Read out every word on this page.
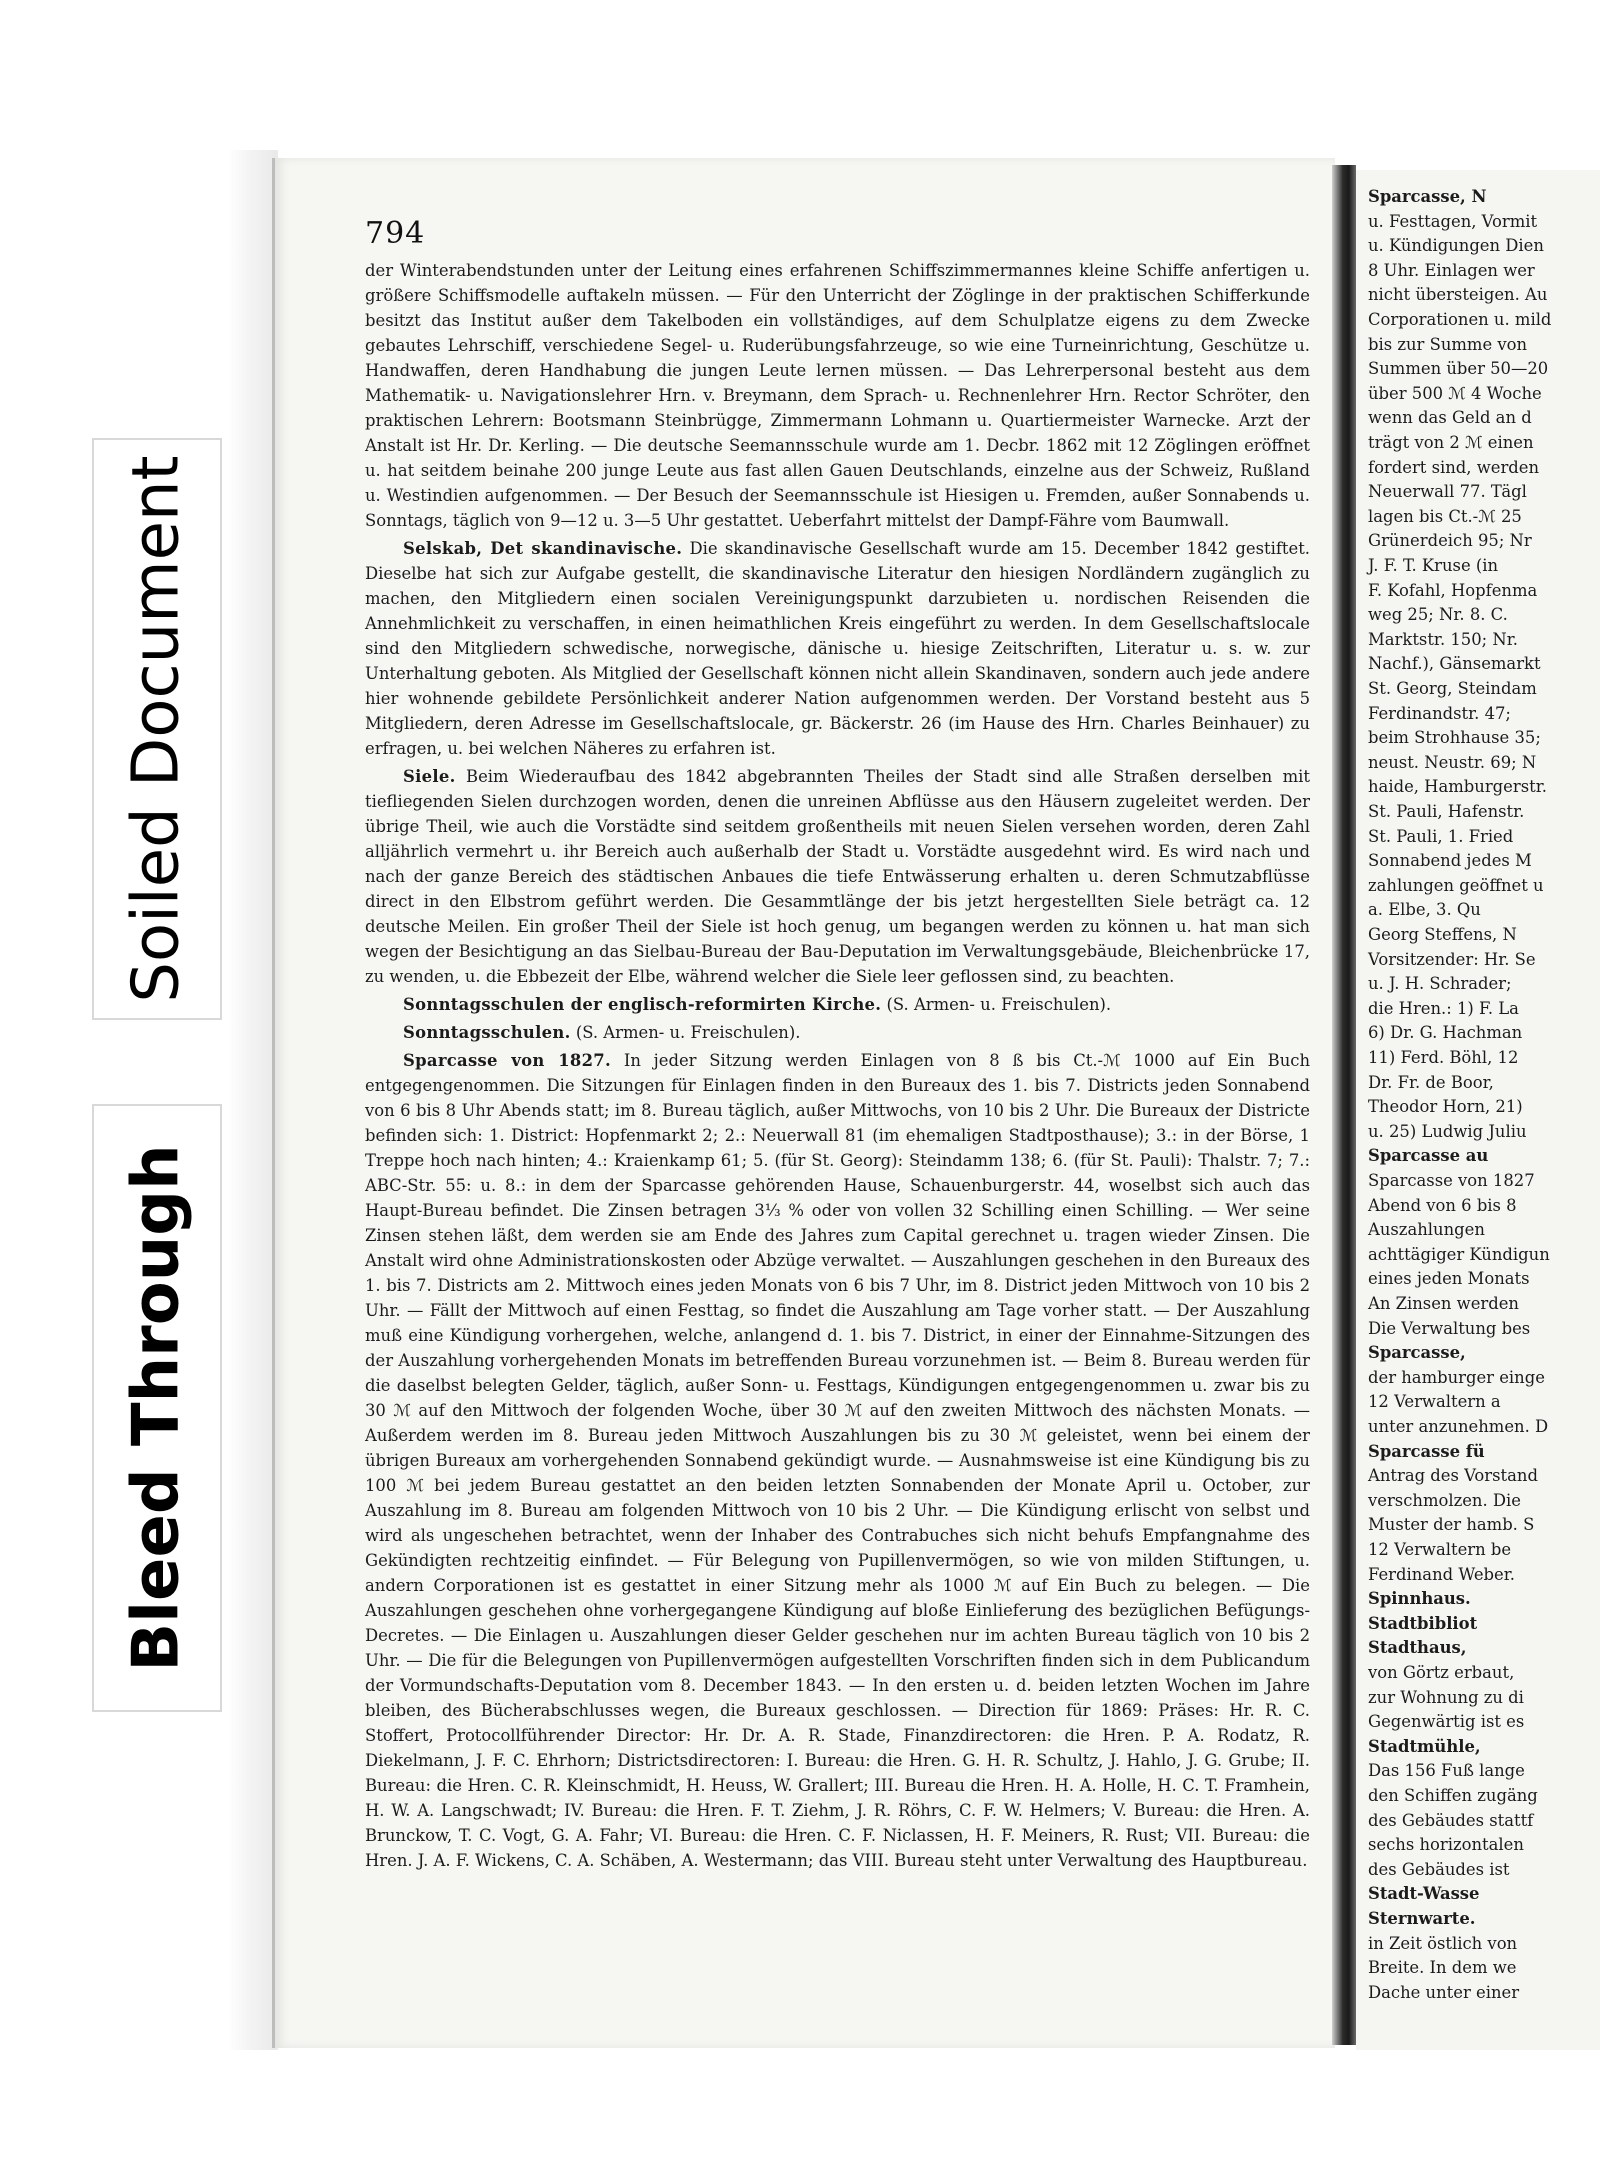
Soiled Document
Bleed Through
794

der Winterabendstunden unter der Leitung eines erfahrenen Schiffszimmermannes kleine Schiffe anfertigen u. größere Schiffsmodelle auftakeln müssen. — Für den Unterricht der Zöglinge in der praktischen Schifferkunde besitzt das Institut außer dem Takelboden ein vollständiges, auf dem Schulplatze eigens zu dem Zwecke gebautes Lehrschiff, verschiedene Segel- u. Ruderübungsfahrzeuge, so wie eine Turneinrichtung, Geschütze u. Handwaffen, deren Handhabung die jungen Leute lernen müssen. — Das Lehrerpersonal besteht aus dem Mathematik- u. Navigationslehrer Hrn. v. Breymann, dem Sprach- u. Rechnenlehrer Hrn. Rector Schröter, den praktischen Lehrern: Bootsmann Steinbrügge, Zimmermann Lohmann u. Quartiermeister Warnecke. Arzt der Anstalt ist Hr. Dr. Kerling. — Die deutsche Seemannsschule wurde am 1. Decbr. 1862 mit 12 Zöglingen eröffnet u. hat seitdem beinahe 200 junge Leute aus fast allen Gauen Deutschlands, einzelne aus der Schweiz, Rußland u. Westindien aufgenommen. — Der Besuch der Seemannsschule ist Hiesigen u. Fremden, außer Sonnabends u. Sonntags, täglich von 9—12 u. 3—5 Uhr gestattet. Ueberfahrt mittelst der Dampf-Fähre vom Baumwall.

Selskab, Det skandinavische. Die skandinavische Gesellschaft wurde am 15. December 1842 gestiftet. Dieselbe hat sich zur Aufgabe gestellt, die skandinavische Literatur den hiesigen Nordländern zugänglich zu machen, den Mitgliedern einen socialen Vereinigungspunkt darzubieten u. nordischen Reisenden die Annehmlichkeit zu verschaffen, in einen heimathlichen Kreis eingeführt zu werden. In dem Gesellschaftslocale sind den Mitgliedern schwedische, norwegische, dänische u. hiesige Zeitschriften, Literatur u. s. w. zur Unterhaltung geboten. Als Mitglied der Gesellschaft können nicht allein Skandinaven, sondern auch jede andere hier wohnende gebildete Persönlichkeit anderer Nation aufgenommen werden. Der Vorstand besteht aus 5 Mitgliedern, deren Adresse im Gesellschaftslocale, gr. Bäckerstr. 26 (im Hause des Hrn. Charles Beinhauer) zu erfragen, u. bei welchen Näheres zu erfahren ist.

Siele. Beim Wiederaufbau des 1842 abgebrannten Theiles der Stadt sind alle Straßen derselben mit tiefliegenden Sielen durchzogen worden, denen die unreinen Abflüsse aus den Häusern zugeleitet werden. Der übrige Theil, wie auch die Vorstädte sind seitdem großentheils mit neuen Sielen versehen worden, deren Zahl alljährlich vermehrt u. ihr Bereich auch außerhalb der Stadt u. Vorstädte ausgedehnt wird. Es wird nach und nach der ganze Bereich des städtischen Anbaues die tiefe Entwässerung erhalten u. deren Schmutzabflüsse direct in den Elbstrom geführt werden. Die Gesammtlänge der bis jetzt hergestellten Siele beträgt ca. 12 deutsche Meilen. Ein großer Theil der Siele ist hoch genug, um begangen werden zu können u. hat man sich wegen der Besichtigung an das Sielbau-Bureau der Bau-Deputation im Verwaltungsgebäude, Bleichenbrücke 17, zu wenden, u. die Ebbezeit der Elbe, während welcher die Siele leer geflossen sind, zu beachten.

Sonntagsschulen der englisch-reformirten Kirche. (S. Armen- u. Freischulen).

Sonntagsschulen. (S. Armen- u. Freischulen).

Sparcasse von 1827. In jeder Sitzung werden Einlagen von 8 ß bis Ct.-ℳ 1000 auf Ein Buch entgegengenommen. Die Sitzungen für Einlagen finden in den Bureaux des 1. bis 7. Districts jeden Sonnabend von 6 bis 8 Uhr Abends statt; im 8. Bureau täglich, außer Mittwochs, von 10 bis 2 Uhr. Die Bureaux der Districte befinden sich: 1. District: Hopfenmarkt 2; 2.: Neuerwall 81 (im ehemaligen Stadtposthause); 3.: in der Börse, 1 Treppe hoch nach hinten; 4.: Kraienkamp 61; 5. (für St. Georg): Steindamm 138; 6. (für St. Pauli): Thalstr. 7; 7.: ABC-Str. 55: u. 8.: in dem der Sparcasse gehörenden Hause, Schauenburgerstr. 44, woselbst sich auch das Haupt-Bureau befindet. Die Zinsen betragen 3⅓ % oder von vollen 32 Schilling einen Schilling. — Wer seine Zinsen stehen läßt, dem werden sie am Ende des Jahres zum Capital gerechnet u. tragen wieder Zinsen. Die Anstalt wird ohne Administrationskosten oder Abzüge verwaltet. — Auszahlungen geschehen in den Bureaux des 1. bis 7. Districts am 2. Mittwoch eines jeden Monats von 6 bis 7 Uhr, im 8. District jeden Mittwoch von 10 bis 2 Uhr. — Fällt der Mittwoch auf einen Festtag, so findet die Auszahlung am Tage vorher statt. — Der Auszahlung muß eine Kündigung vorhergehen, welche, anlangend d. 1. bis 7. District, in einer der Einnahme-Sitzungen des der Auszahlung vorhergehenden Monats im betreffenden Bureau vorzunehmen ist. — Beim 8. Bureau werden für die daselbst belegten Gelder, täglich, außer Sonn- u. Festtags, Kündigungen entgegengenommen u. zwar bis zu 30 ℳ auf den Mittwoch der folgenden Woche, über 30 ℳ auf den zweiten Mittwoch des nächsten Monats. — Außerdem werden im 8. Bureau jeden Mittwoch Auszahlungen bis zu 30 ℳ geleistet, wenn bei einem der übrigen Bureaux am vorhergehenden Sonnabend gekündigt wurde. — Ausnahmsweise ist eine Kündigung bis zu 100 ℳ bei jedem Bureau gestattet an den beiden letzten Sonnabenden der Monate April u. October, zur Auszahlung im 8. Bureau am folgenden Mittwoch von 10 bis 2 Uhr. — Die Kündigung erlischt von selbst und wird als ungeschehen betrachtet, wenn der Inhaber des Contrabuches sich nicht behufs Empfangnahme des Gekündigten rechtzeitig einfindet. — Für Belegung von Pupillenvermögen, so wie von milden Stiftungen, u. andern Corporationen ist es gestattet in einer Sitzung mehr als 1000 ℳ auf Ein Buch zu belegen. — Die Auszahlungen geschehen ohne vorhergegangene Kündigung auf bloße Einlieferung des bezüglichen Befügungs-Decretes. — Die Einlagen u. Auszahlungen dieser Gelder geschehen nur im achten Bureau täglich von 10 bis 2 Uhr. — Die für die Belegungen von Pupillenvermögen aufgestellten Vorschriften finden sich in dem Publicandum der Vormundschafts-Deputation vom 8. December 1843. — In den ersten u. d. beiden letzten Wochen im Jahre bleiben, des Bücherabschlusses wegen, die Bureaux geschlossen. — Direction für 1869: Präses: Hr. R. C. Stoffert, Protocollführender Director: Hr. Dr. A. R. Stade, Finanzdirectoren: die Hren. P. A. Rodatz, R. Diekelmann, J. F. C. Ehrhorn; Districtsdirectoren: I. Bureau: die Hren. G. H. R. Schultz, J. Hahlo, J. G. Grube; II. Bureau: die Hren. C. R. Kleinschmidt, H. Heuss, W. Grallert; III. Bureau die Hren. H. A. Holle, H. C. T. Framhein, H. W. A. Langschwadt; IV. Bureau: die Hren. F. T. Ziehm, J. R. Röhrs, C. F. W. Helmers; V. Bureau: die Hren. A. Brunckow, T. C. Vogt, G. A. Fahr; VI. Bureau: die Hren. C. F. Niclassen, H. F. Meiners, R. Rust; VII. Bureau: die Hren. J. A. F. Wickens, C. A. Schäben, A. Westermann; das VIII. Bureau steht unter Verwaltung des Hauptbureau.

Sparcasse, N
u. Festtagen, Vormit
u. Kündigungen Dien
8 Uhr. Einlagen wer
nicht übersteigen. Au
Corporationen u. mild
bis zur Summe von
Summen über 50—20
über 500 ℳ 4 Woche
wenn das Geld an d
trägt von 2 ℳ einen
fordert sind, werden
Neuerwall 77. Tägl
lagen bis Ct.-ℳ 25
Grünerdeich 95; Nr
J. F. T. Kruse (in
F. Kofahl, Hopfenma
weg 25; Nr. 8. C.
Marktstr. 150; Nr.
Nachf.), Gänsemarkt
St. Georg, Steindam
Ferdinandstr. 47;
beim Strohhause 35;
neust. Neustr. 69; N
haide, Hamburgerstr.
St. Pauli, Hafenstr.
St. Pauli, 1. Fried
Sonnabend jedes M
zahlungen geöffnet u
a. Elbe, 3. Qu
Georg Steffens, N
Vorsitzender: Hr. Se
u. J. H. Schrader;
die Hren.: 1) F. La
6) Dr. G. Hachman
11) Ferd. Böhl, 12
Dr. Fr. de Boor,
Theodor Horn, 21)
u. 25) Ludwig Juliu
Sparcasse au
Sparcasse von 1827
Abend von 6 bis 8
Auszahlungen
achttägiger Kündigun
eines jeden Monats
An Zinsen werden
Die Verwaltung bes
Sparcasse,
der hamburger einge
12 Verwaltern a
unter anzunehmen. D
Sparcasse fü
Antrag des Vorstand
verschmolzen. Die
Muster der hamb. S
12 Verwaltern be
Ferdinand Weber.
Spinnhaus.
Stadtbibliot
Stadthaus,
von Görtz erbaut,
zur Wohnung zu di
Gegenwärtig ist es
Stadtmühle,
Das 156 Fuß lange
den Schiffen zugäng
des Gebäudes stattf
sechs horizontalen
des Gebäudes ist
Stadt-Wasse
Sternwarte.
in Zeit östlich von
Breite. In dem we
Dache unter einer
